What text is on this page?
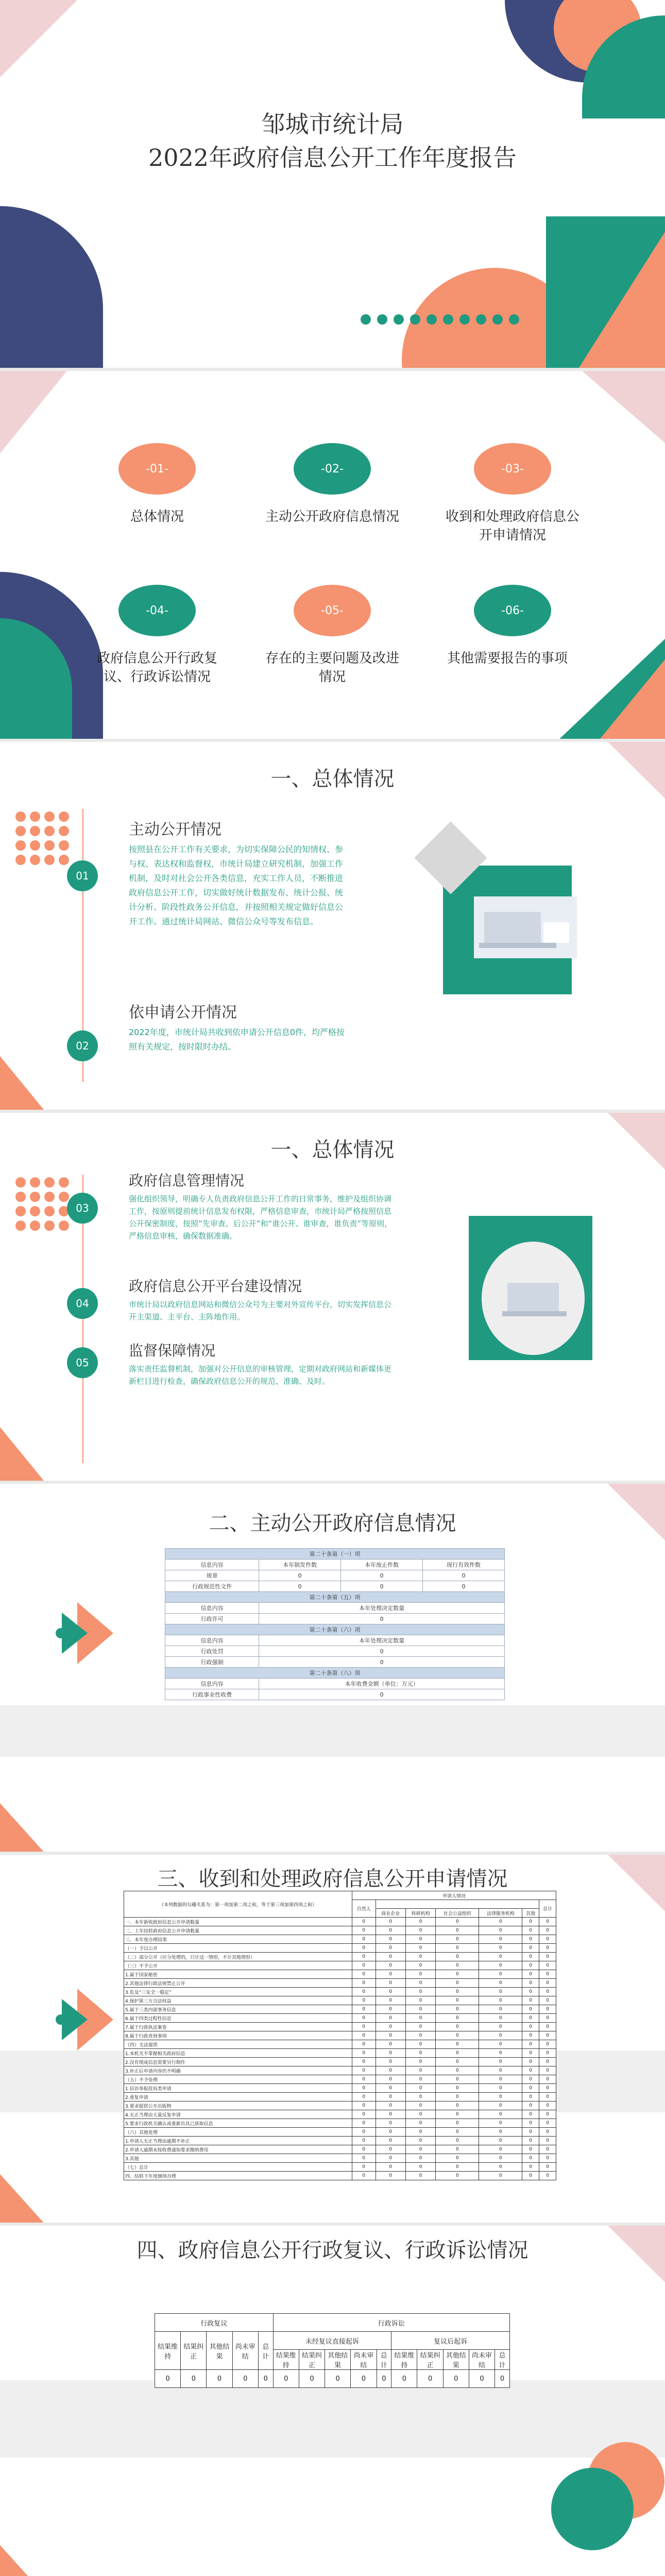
邹城市统计局
2022年政府信息公开工作年度报告
-01-	-02-	-03-
总体情况	主动公开政府信息情况	收到和处理政府信息公开申请情况
-04-	-05-	-06-
政府信息公开行政复议、行政诉讼情况
存在的主要问题及改进情况
其他需要报告的事项
一、总体情况
01
主动公开情况
按照县在公开工作有关要求，为切实保障公民的知情权、参与权、表达权和监督权，市统计局建立研究机制，加强工作机制，及时对社会公开各类信息，充实工作人员，不断推进政府信息公开工作，切实做好统计数据发布、统计公报、统计分析、阶段性政务公开信息，并按照相关规定做好信息公开工作。通过统计局网站、微信公众号等发布信息。
02
依申请公开情况
2022年度，市统计局共收到依申请公开信息0件，均严格按照有关规定，按时限时办结。
一、总体情况
03
政府信息管理情况
强化组织领导，明确专人负责政府信息公开工作的日常事务，维护及组织协调工作，按原则提前统计信息发布权限，严格信息审查，市统计局严格按照信息公开保密制度，按照“先审查、后公开”和“谁公开、谁审查，谁负责”等原则，严格信息审核，确保数据准确。
04
政府信息公开平台建设情况
市统计局以政府信息网站和微信公众号为主要对外宣传平台，切实发挥信息公开主渠道、主平台、主阵地作用。
05
监督保障情况
落实责任监督机制，加强对公开信息的审核管理，定期对政府网站和新媒体更新栏目进行检查，确保政府信息公开的规范、准确、及时。
二、主动公开政府信息情况
第二十条第（一）项			
信息内容	本年制发件数	本年废止件数	现行有效件数
规章	0	0	0
行政规范性文件	0	0	0
第二十条第（五）项			
信息内容	本年处理决定数量		
行政许可	0		
第二十条第（六）项			
信息内容	本年处理决定数量		
行政处罚	0		
行政强制	0		
第二十条第（八）项			
信息内容	本年收费金额（单位：万元）		
行政事业性收费	0		
三、收到和处理政府信息公开申请情况
（本列数据的勾稽关系为：第一项加第二项之和，等于第三项加第四项之和）	申请人情况						
	自然人						总计
		商业企业	科研机构	社会公益组织	法律服务机构	其他	
一、本年新收政府信息公开申请数量	0	0	0	0	0	0	0
二、上年结转政府信息公开申请数量	0	0	0	0	0	0	0
三、本年度办理结果	0	0	0	0	0	0	0
（一）予以公开	0	0	0	0	0	0	0
（二）部分公开（区分处理的，只计这一情形，不计其他情形）	0	0	0	0	0	0	0
（三）不予公开	0	0	0	0	0	0	0
1.属于国家秘密	0	0	0	0	0	0	0
2.其他法律行政法规禁止公开	0	0	0	0	0	0	0
3.危及“三安全一稳定”	0	0	0	0	0	0	0
4.保护第三方合法权益	0	0	0	0	0	0	0
5.属于三类内部事务信息	0	0	0	0	0	0	0
6.属于四类过程性信息	0	0	0	0	0	0	0
7.属于行政执法案卷	0	0	0	0	0	0	0
8.属于行政查询事项	0	0	0	0	0	0	0
（四）无法提供	0	0	0	0	0	0	0
1.本机关不掌握相关政府信息	0	0	0	0	0	0	0
2.没有现成信息需要另行制作	0	0	0	0	0	0	0
3.补正后申请内容仍不明确	0	0	0	0	0	0	0
（五）不予处理	0	0	0	0	0	0	0
1.信访举报投诉类申请	0	0	0	0	0	0	0
2.重复申请	0	0	0	0	0	0	0
3.要求提供公开出版物	0	0	0	0	0	0	0
4.无正当理由大量反复申请	0	0	0	0	0	0	0
5.要求行政机关确认或重新出具已获取信息	0	0	0	0	0	0	0
（六）其他处理	0	0	0	0	0	0	0
1.申请人无正当理由逾期不补正	0	0	0	0	0	0	0
2.申请人逾期未按收费通知要求缴纳费用	0	0	0	0	0	0	0
3.其他	0	0	0	0	0	0	0
（七）总计	0	0	0	0	0	0	0
四、结转下年度继续办理	0	0	0	0	0	0	0
四、政府信息公开行政复议、行政诉讼情况
行政复议					行政诉讼									
结果维持	结果纠正	其他结果	尚未审结	总计	未经复议直接起诉					复议后起诉				
					结果维持	结果纠正	其他结果	尚未审结	总计	结果维持	结果纠正	其他结果	尚未审结	总计
0	0	0	0	0	0	0	0	0	0	0	0	0	0	0
